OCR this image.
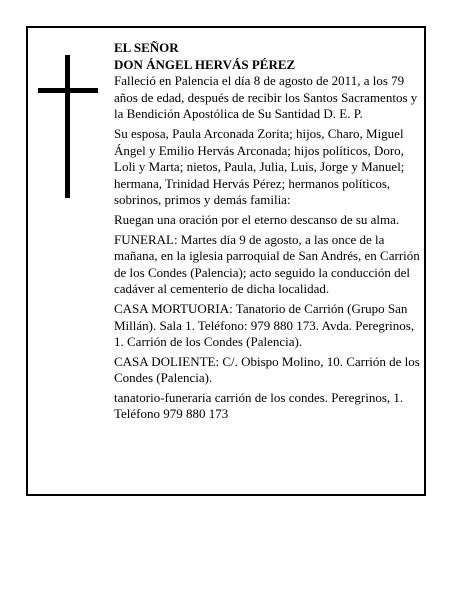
EL SEÑOR

DON ÁNGEL HERVÁS PÉREZ

Falleció en Palencia el día 8 de agosto de 2011, a los 79 años de edad, después de recibir los Santos Sacramentos y la Bendición Apostólica de Su Santidad D. E. P.

Su esposa, Paula Arconada Zorita; hijos, Charo, Miguel Ángel y Emilio Hervás Arconada; hijos políticos, Doro, Loli y Marta; nietos, Paula, Julia, Luis, Jorge y Manuel; hermana, Trinidad Hervás Pérez; hermanos políticos, sobrinos, primos y demás familia:

Ruegan una oración por el eterno descanso de su alma.

FUNERAL: Martes día 9 de agosto, a las once de la mañana, en la iglesia parroquial de San Andrés, en Carrión de los Condes (Palencia); acto seguido la conducción del cadáver al cementerio de dicha localidad.

CASA MORTUORIA: Tanatorio de Carrión (Grupo San Millán). Sala 1. Teléfono: 979 880 173. Avda. Peregrinos, 1. Carrión de los Condes (Palencia).

CASA DOLIENTE: C/. Obispo Molino, 10. Carrión de los Condes (Palencia).

tanatorio-funeraria carrión de los condes. Peregrinos, 1. Teléfono 979 880 173
